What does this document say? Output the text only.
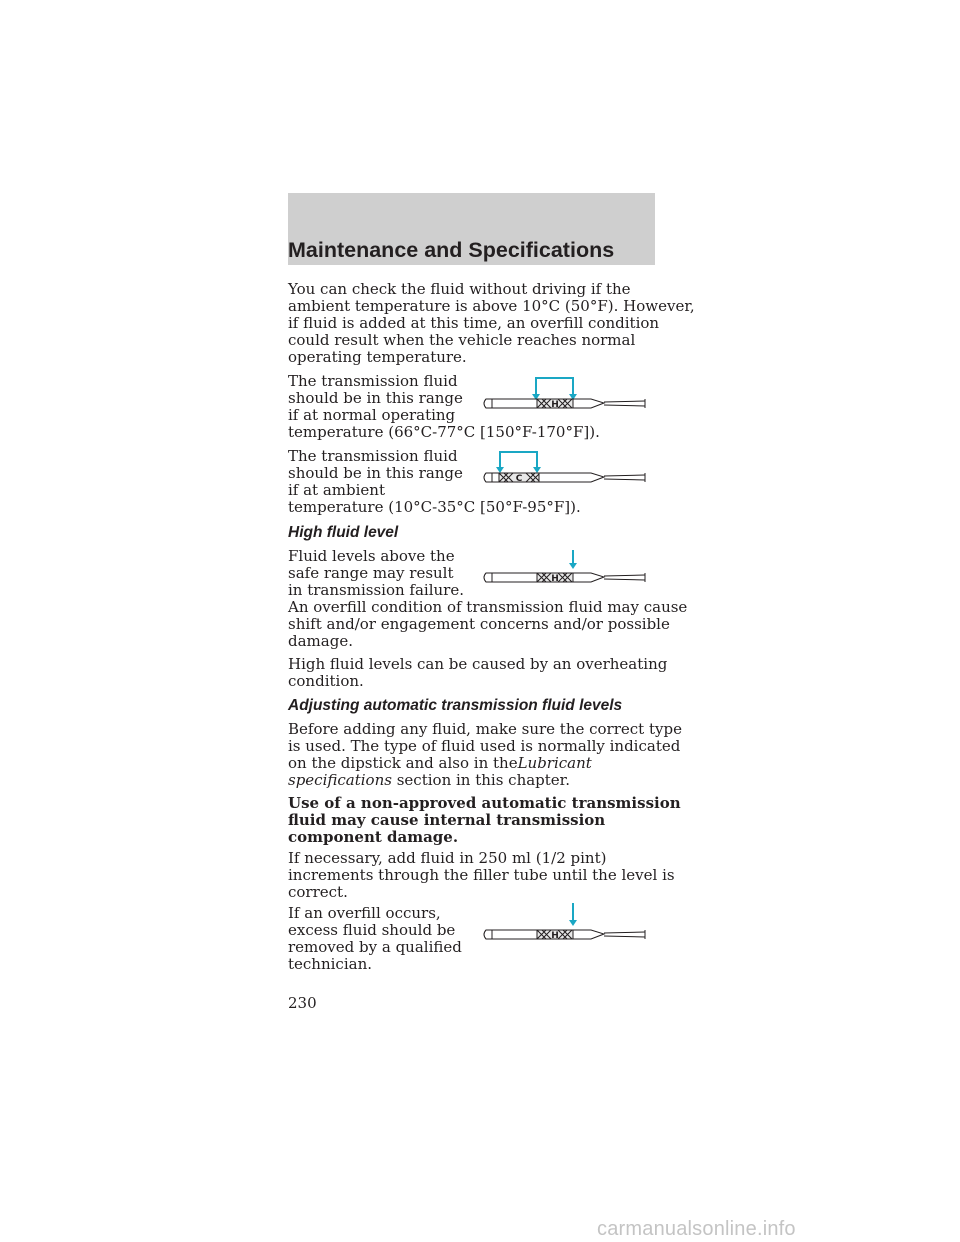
Maintenance and Specifications
You can check the fluid without driving if the
ambient temperature is above 10°C (50°F). However,
if fluid is added at this time, an overfill condition
could result when the vehicle reaches normal
operating temperature.
The transmission fluid
should be in this range
if at normal operating
temperature (66°C-77°C [150°F-170°F]).
H
The transmission fluid
should be in this range
if at ambient
temperature (10°C-35°C [50°F-95°F]).
C
High fluid level
Fluid levels above the
safe range may result
in transmission failure.
H
An overfill condition of transmission fluid may cause
shift and/or engagement concerns and/or possible
damage.
High fluid levels can be caused by an overheating
condition.
Adjusting automatic transmission fluid levels
Before adding any fluid, make sure the correct type
is used. The type of fluid used is normally indicated
on the dipstick and also in theLubricant
specifications section in this chapter.
Use of a non-approved automatic transmission
fluid may cause internal transmission
component damage.
If necessary, add fluid in 250 ml (1/2 pint)
increments through the filler tube until the level is
correct.
If an overfill occurs,
excess fluid should be
removed by a qualified
technician.
H
230
carmanualsonline.info
